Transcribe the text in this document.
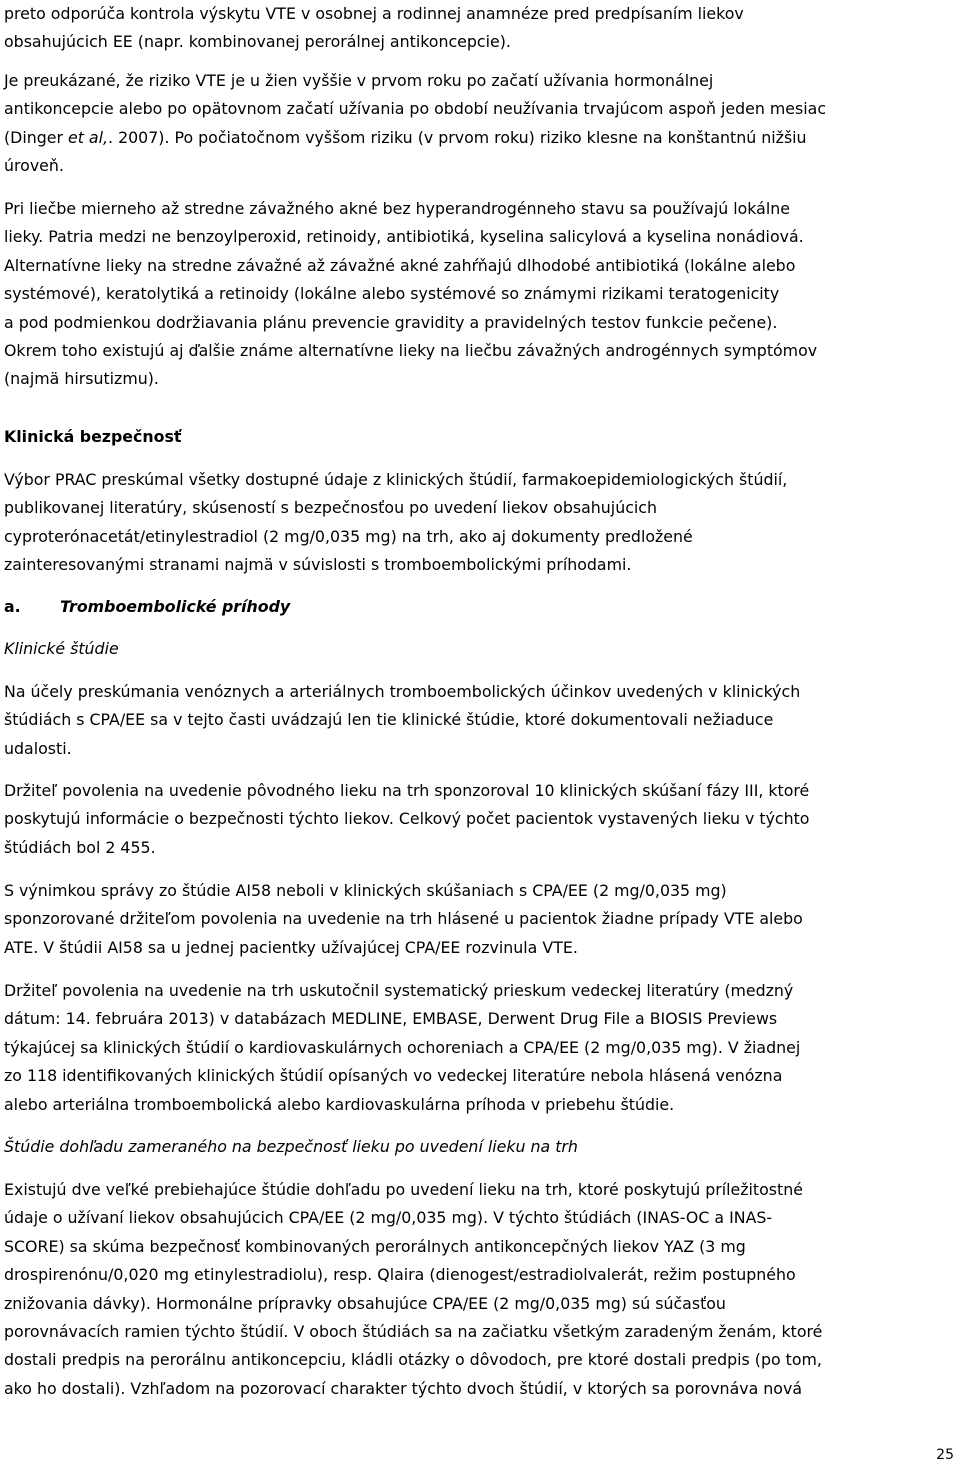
preto odporúča kontrola výskytu VTE v osobnej a rodinnej anamnéze pred predpísaním liekov
obsahujúcich EE (napr. kombinovanej perorálnej antikoncepcie).
Je preukázané, že riziko VTE je u žien vyššie v prvom roku po začatí užívania hormonálnej
antikoncepcie alebo po opätovnom začatí užívania po období neužívania trvajúcom aspoň jeden mesiac
(Dinger et al,. 2007). Po počiatočnom vyššom riziku (v prvom roku) riziko klesne na konštantnú nižšiu
úroveň.
Pri liečbe mierneho až stredne závažného akné bez hyperandrogénneho stavu sa používajú lokálne
lieky. Patria medzi ne benzoylperoxid, retinoidy, antibiotiká, kyselina salicylová a kyselina nonádiová.
Alternatívne lieky na stredne závažné až závažné akné zahŕňajú dlhodobé antibiotiká (lokálne alebo
systémové), keratolytiká a retinoidy (lokálne alebo systémové so známymi rizikami teratogenicity
a pod podmienkou dodržiavania plánu prevencie gravidity a pravidelných testov funkcie pečene).
Okrem toho existujú aj ďalšie známe alternatívne lieky na liečbu závažných androgénnych symptómov
(najmä hirsutizmu).
Klinická bezpečnosť
Výbor PRAC preskúmal všetky dostupné údaje z klinických štúdií, farmakoepidemiologických štúdií,
publikovanej literatúry, skúseností s bezpečnosťou po uvedení liekov obsahujúcich
cyproterónacetát/etinylestradiol (2 mg/0,035 mg) na trh, ako aj dokumenty predložené
zainteresovanými stranami najmä v súvislosti s tromboembolickými príhodami.
a. Tromboembolické príhody
Klinické štúdie
Na účely preskúmania venóznych a arteriálnych tromboembolických účinkov uvedených v klinických
štúdiách s CPA/EE sa v tejto časti uvádzajú len tie klinické štúdie, ktoré dokumentovali nežiaduce
udalosti.
Držiteľ povolenia na uvedenie pôvodného lieku na trh sponzoroval 10 klinických skúšaní fázy III, ktoré
poskytujú informácie o bezpečnosti týchto liekov. Celkový počet pacientok vystavených lieku v týchto
štúdiách bol 2 455.
S výnimkou správy zo štúdie AI58 neboli v klinických skúšaniach s CPA/EE (2 mg/0,035 mg)
sponzorované držiteľom povolenia na uvedenie na trh hlásené u pacientok žiadne prípady VTE alebo
ATE. V štúdii AI58 sa u jednej pacientky užívajúcej CPA/EE rozvinula VTE.
Držiteľ povolenia na uvedenie na trh uskutočnil systematický prieskum vedeckej literatúry (medzný
dátum: 14. februára 2013) v databázach MEDLINE, EMBASE, Derwent Drug File a BIOSIS Previews
týkajúcej sa klinických štúdií o kardiovaskulárnych ochoreniach a CPA/EE (2 mg/0,035 mg). V žiadnej
zo 118 identifikovaných klinických štúdií opísaných vo vedeckej literatúre nebola hlásená venózna
alebo arteriálna tromboembolická alebo kardiovaskulárna príhoda v priebehu štúdie.
Štúdie dohľadu zameraného na bezpečnosť lieku po uvedení lieku na trh
Existujú dve veľké prebiehajúce štúdie dohľadu po uvedení lieku na trh, ktoré poskytujú príležitostné
údaje o užívaní liekov obsahujúcich CPA/EE (2 mg/0,035 mg). V týchto štúdiách (INAS-OC a INAS-
SCORE) sa skúma bezpečnosť kombinovaných perorálnych antikoncepčných liekov YAZ (3 mg
drospirenónu/0,020 mg etinylestradiolu), resp. Qlaira (dienogest/estradiolvalerát, režim postupného
znižovania dávky). Hormonálne prípravky obsahujúce CPA/EE (2 mg/0,035 mg) sú súčasťou
porovnávacích ramien týchto štúdií. V oboch štúdiách sa na začiatku všetkým zaradeným ženám, ktoré
dostali predpis na perorálnu antikoncepciu, kládli otázky o dôvodoch, pre ktoré dostali predpis (po tom,
ako ho dostali). Vzhľadom na pozorovací charakter týchto dvoch štúdií, v ktorých sa porovnáva nová
25
